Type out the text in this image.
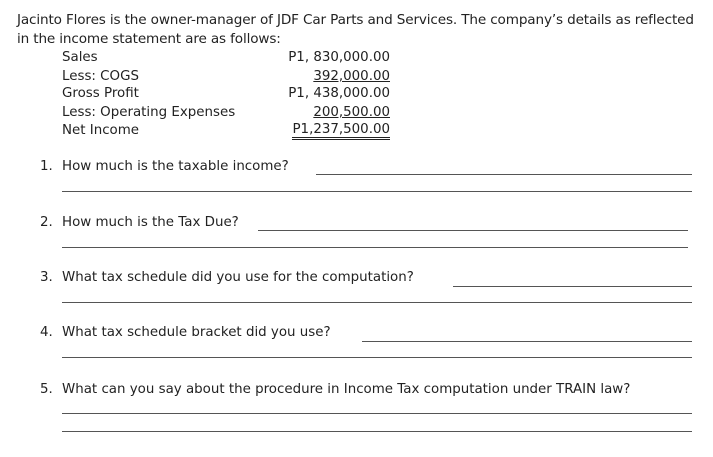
Jacinto Flores is the owner-manager of JDF Car Parts and Services. The company’s details as reflected in the income statement are as follows:
Sales	P1, 830,000.00
Less: COGS	392,000.00
Gross Profit	P1, 438,000.00
Less: Operating Expenses	200,500.00
Net Income	P1,237,500.00
1. How much is the taxable income?
2. How much is the Tax Due?
3. What tax schedule did you use for the computation?
4. What tax schedule bracket did you use?
5. What can you say about the procedure in Income Tax computation under TRAIN law?
